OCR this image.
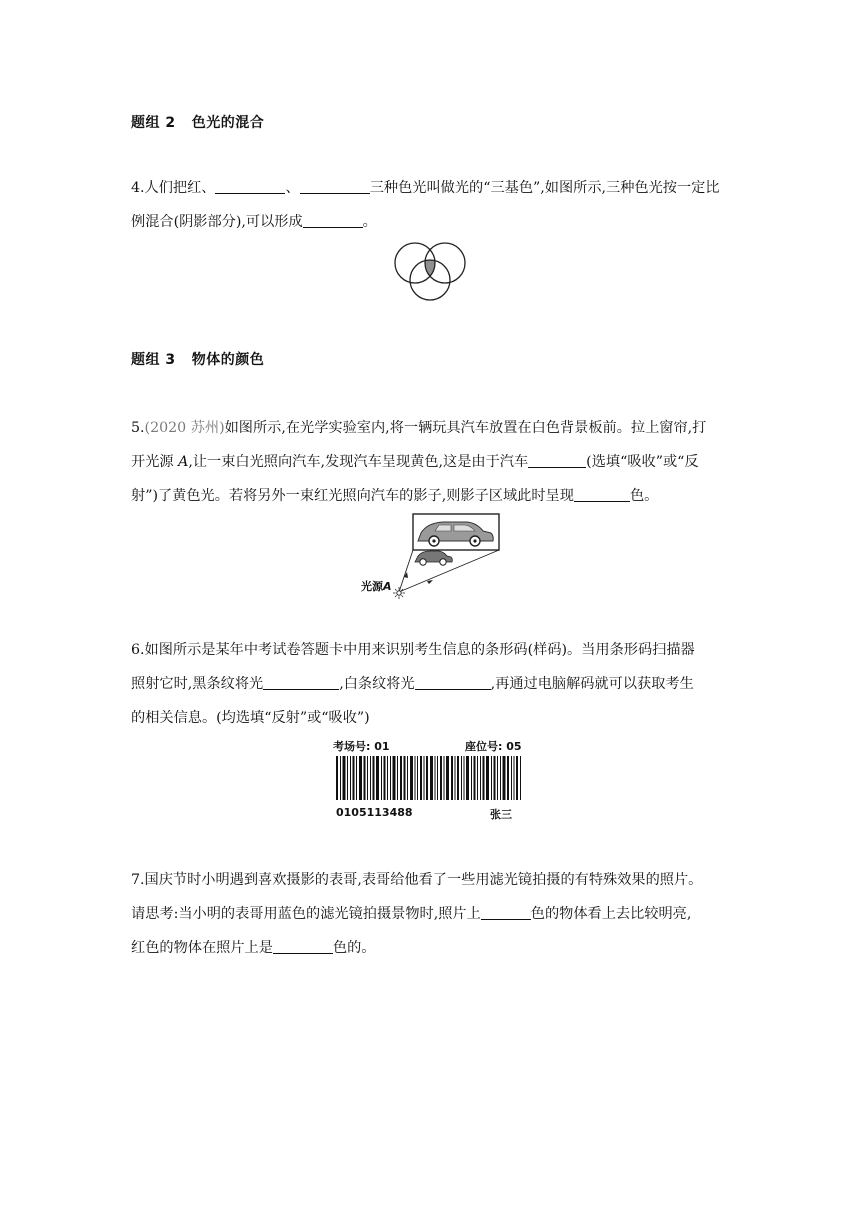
题组 2 色光的混合
4.人们把红、	、	三种色光叫做光的“三基色”,如图所示,三种色光按一定比
例混合(阴影部分),可以形成	。
题组 3 物体的颜色
5.(2020 苏州)如图所示,在光学实验室内,将一辆玩具汽车放置在白色背景板前。拉上窗帘,打
开光源 A,让一束白光照向汽车,发现汽车呈现黄色,这是由于汽车	(选填“吸收”或“反
射”)了黄色光。若将另外一束红光照向汽车的影子,则影子区域此时呈现	色。
光源A
6.如图所示是某年中考试卷答题卡中用来识别考生信息的条形码(样码)。当用条形码扫描器
照射它时,黑条纹将光	,白条纹将光	,再通过电脑解码就可以获取考生
的相关信息。(均选填“反射”或“吸收”)
考场号: 01	座位号: 05
0105113488	张三
7.国庆节时小明遇到喜欢摄影的表哥,表哥给他看了一些用滤光镜拍摄的有特殊效果的照片。
请思考:当小明的表哥用蓝色的滤光镜拍摄景物时,照片上	色的物体看上去比较明亮,
红色的物体在照片上是	色的。
